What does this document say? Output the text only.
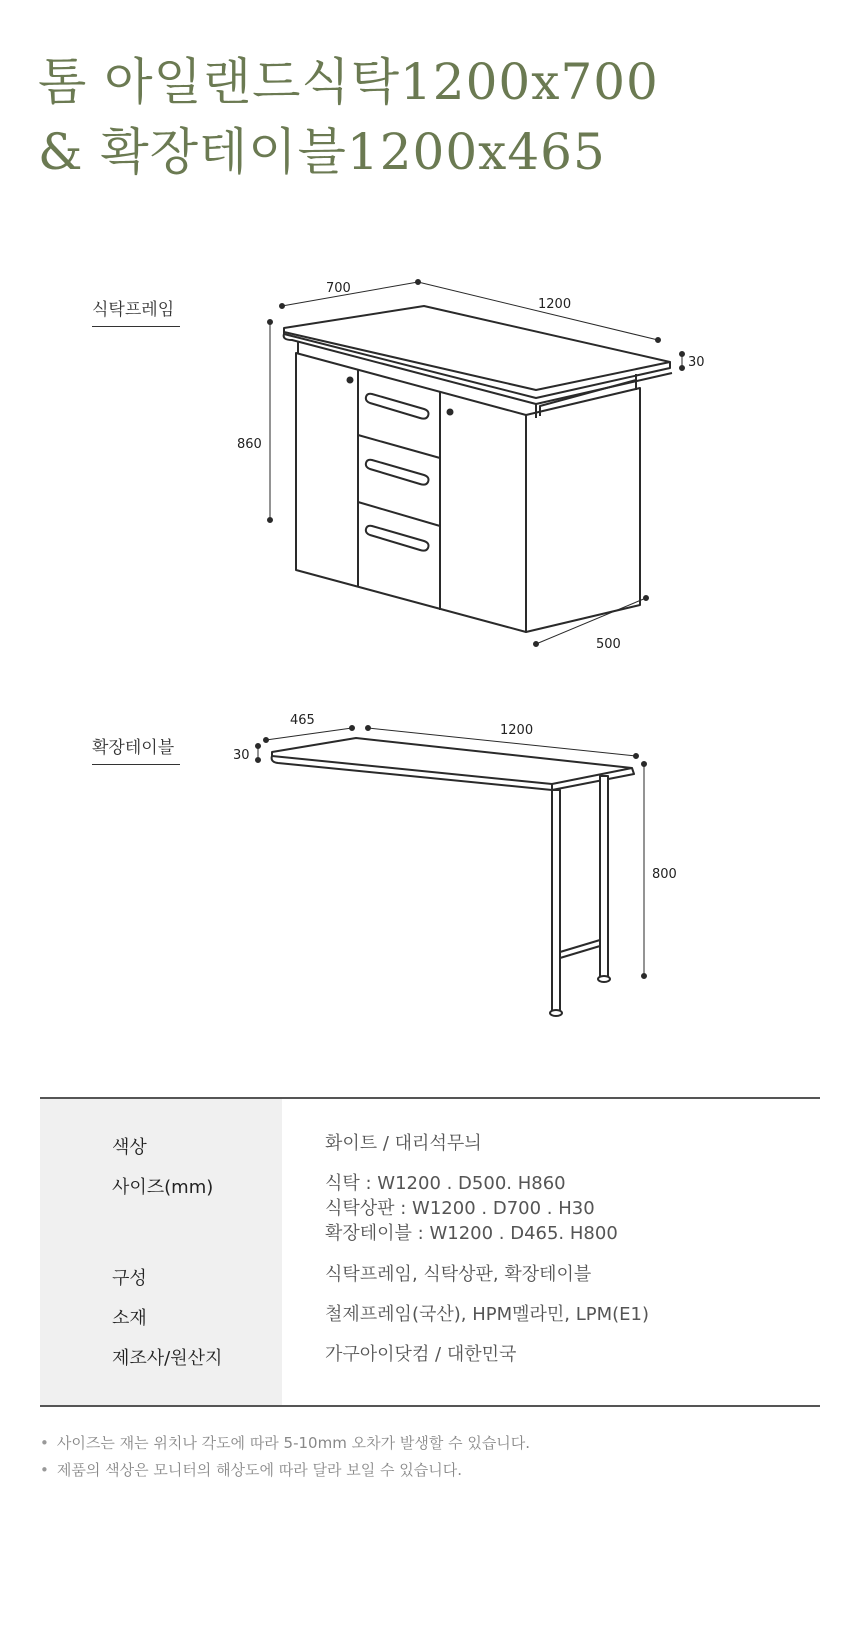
톰 아일랜드식탁1200x700
& 확장테이블1200x465
식탁프레임
700
1200
30
860
500
확장테이블
465
1200
30
800
색상	화이트 / 대리석무늬
사이즈(mm)	식탁 : W1200 . D500. H860
식탁상판 : W1200 . D700 . H30
확장테이블 : W1200 . D465. H800
구성	식탁프레임, 식탁상판, 확장테이블
소재	철제프레임(국산), HPM멜라민, LPM(E1)
제조사/원산지	가구아이닷컴 / 대한민국
• 사이즈는 재는 위치나 각도에 따라 5-10mm 오차가 발생할 수 있습니다.
• 제품의 색상은 모니터의 해상도에 따라 달라 보일 수 있습니다.
